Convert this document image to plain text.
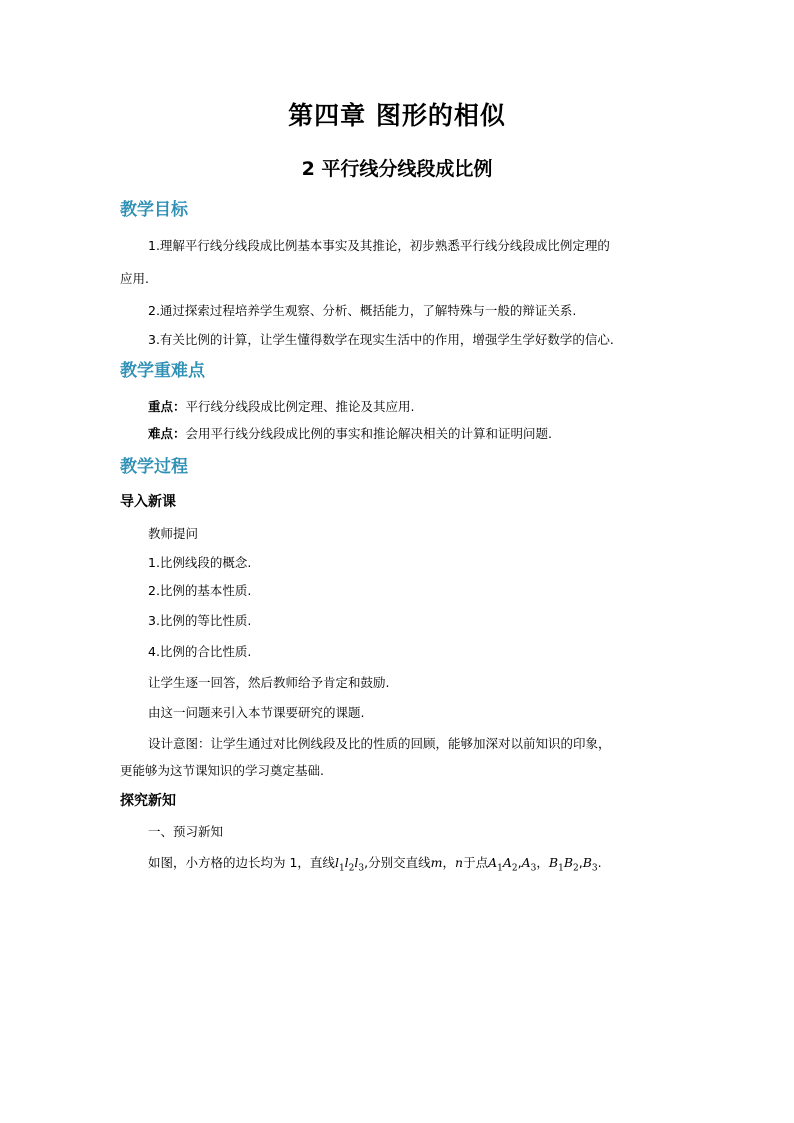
第四章 图形的相似
2 平行线分线段成比例
教学目标
1.理解平行线分线段成比例基本事实及其推论，初步熟悉平行线分线段成比例定理的
应用.
2.通过探索过程培养学生观察、分析、概括能力，了解特殊与一般的辩证关系.
3.有关比例的计算，让学生懂得数学在现实生活中的作用，增强学生学好数学的信心.
教学重难点
重点：平行线分线段成比例定理、推论及其应用.
难点：会用平行线分线段成比例的事实和推论解决相关的计算和证明问题.
教学过程
导入新课
教师提问
1.比例线段的概念.
2.比例的基本性质.
3.比例的等比性质.
4.比例的合比性质.
让学生逐一回答，然后教师给予肯定和鼓励.
由这一问题来引入本节课要研究的课题.
设计意图：让学生通过对比例线段及比的性质的回顾，能够加深对以前知识的印象，
更能够为这节课知识的学习奠定基础.
探究新知
一、预习新知
如图，小方格的边长均为 1，直线$l_1l_2l_3$,分别交直线m，n于点$A_1A_2,A_3$，$B_1B_2,B_3$.
